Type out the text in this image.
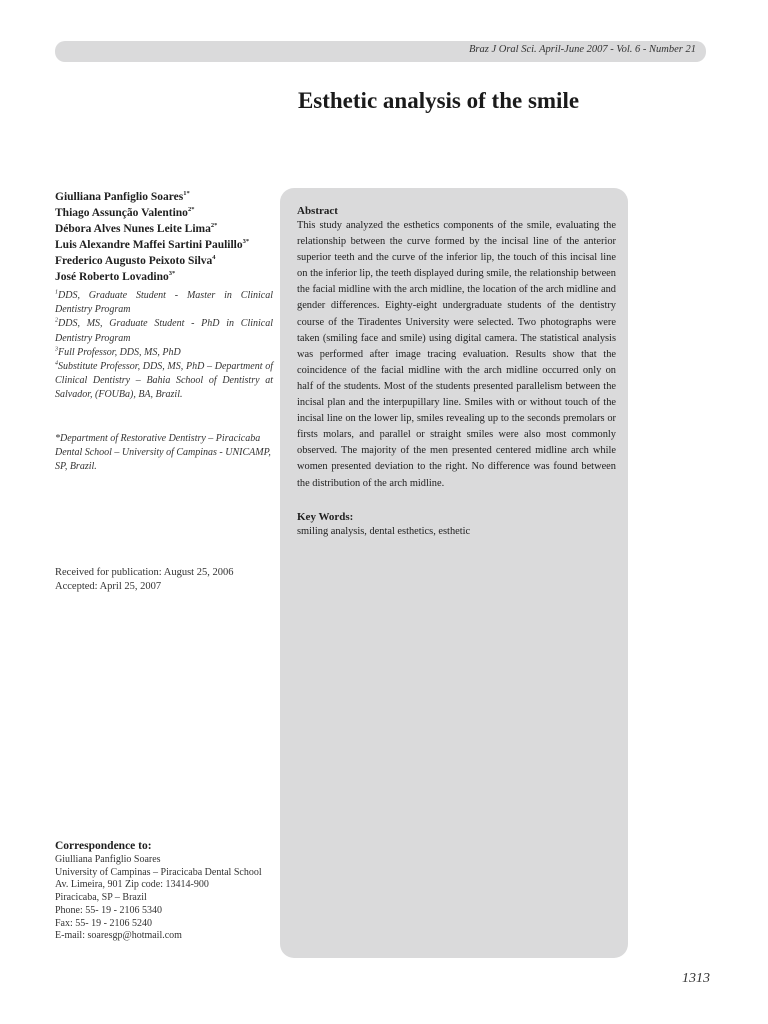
Braz J Oral Sci. April-June 2007 - Vol. 6 - Number 21
Esthetic analysis of the smile
Giulliana Panfiglio Soares$^{1*}$
Thiago Assunção Valentino$^{2*}$
Débora Alves Nunes Leite Lima$^{2*}$
Luis Alexandre Maffei Sartini Paulillo$^{3*}$
Frederico Augusto Peixoto Silva$^4$
José Roberto Lovadino$^{3*}$
$^1$DDS, Graduate Student - Master in Clinical Dentistry Program
$^2$DDS, MS, Graduate Student - PhD in Clinical Dentistry Program
$^3$Full Professor, DDS, MS, PhD
$^4$Substitute Professor, DDS, MS, PhD – Department of Clinical Dentistry – Bahia School of Dentistry at Salvador, (FOUBa), BA, Brazil.
*Department of Restorative Dentistry – Piracicaba Dental School – University of Campinas - UNICAMP, SP, Brazil.
Received for publication: August 25, 2006
Accepted: April 25, 2007
Correspondence to:
Giulliana Panfiglio Soares
University of Campinas – Piracicaba Dental School
Av. Limeira, 901 Zip code: 13414-900
Piracicaba, SP – Brazil
Phone: 55- 19 - 2106 5340
Fax: 55- 19 - 2106 5240
E-mail: soaresgp@hotmail.com
Abstract

This study analyzed the esthetics components of the smile, evaluating the relationship between the curve formed by the incisal line of the anterior superior teeth and the curve of the inferior lip, the touch of this incisal line on the inferior lip, the teeth displayed during smile, the relationship between the facial midline with the arch midline, the location of the arch midline and gender differences. Eighty-eight undergraduate students of the dentistry course of the Tiradentes University were selected. Two photographs were taken (smiling face and smile) using digital camera. The statistical analysis was performed after image tracing evaluation. Results show that the coincidence of the facial midline with the arch midline occurred only on half of the students. Most of the students presented parallelism between the incisal plan and the interpupillary line. Smiles with or without touch of the incisal line on the lower lip, smiles revealing up to the seconds premolars or firsts molars, and parallel or straight smiles were also most commonly observed. The majority of the men presented centered midline arch while women presented deviation to the right. No difference was found between the distribution of the arch midline.

Key Words:
smiling analysis, dental esthetics, esthetic
1313
